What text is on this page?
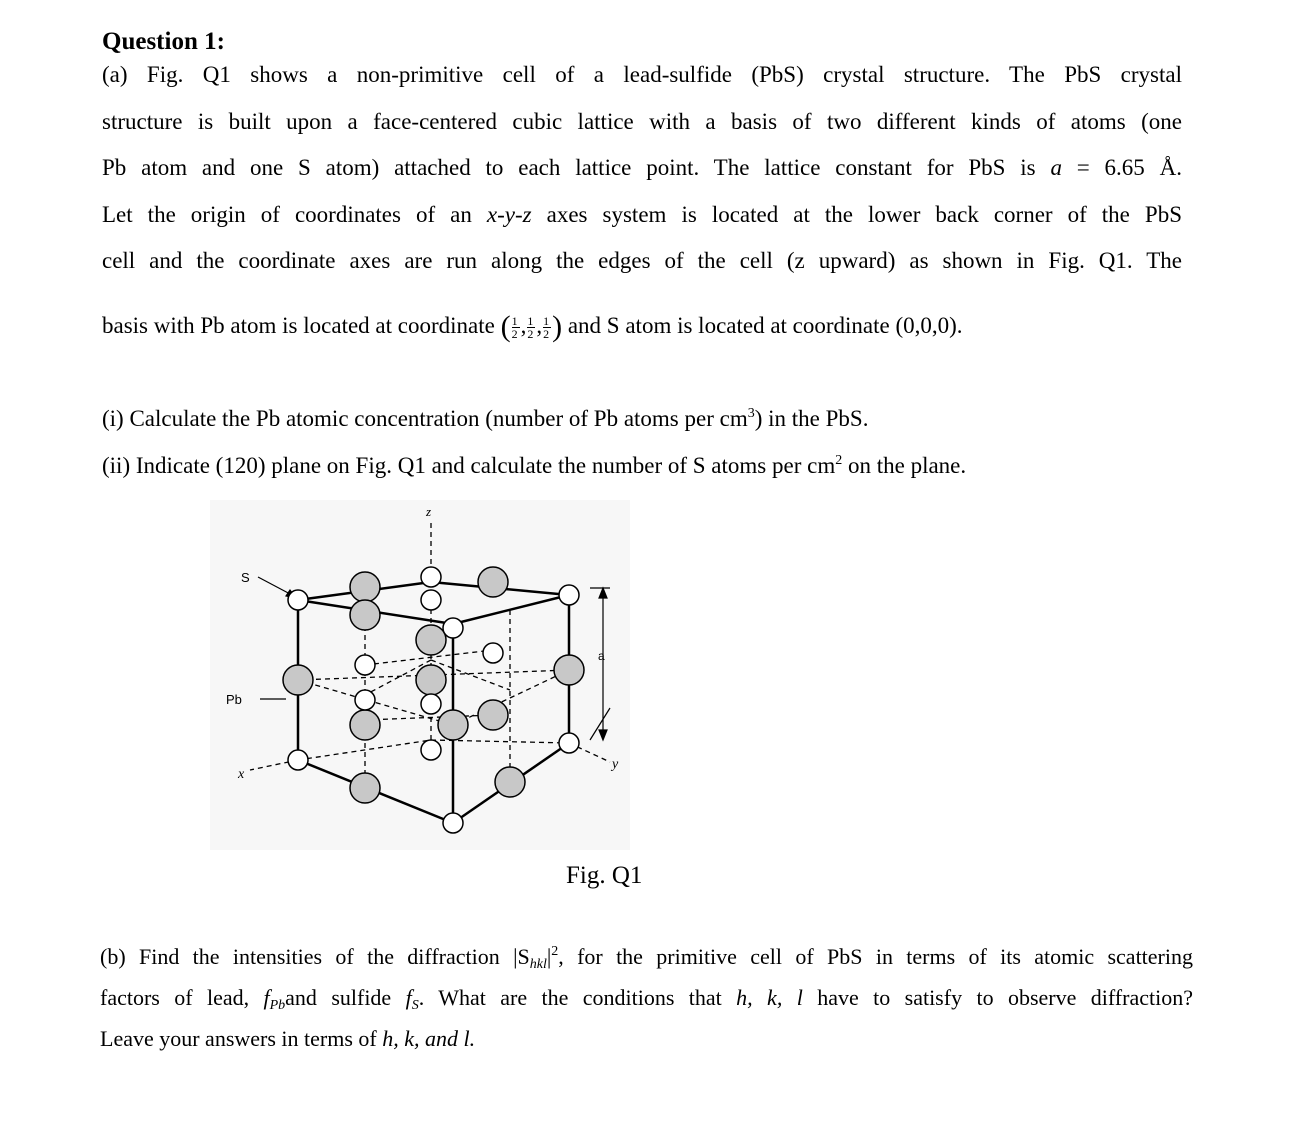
Question 1:
(a) Fig. Q1 shows a non-primitive cell of a lead-sulfide (PbS) crystal structure. The PbS crystal
structure is built upon a face-centered cubic lattice with a basis of two different kinds of atoms (one
Pb atom and one S atom) attached to each lattice point. The lattice constant for PbS is a = 6.65 Å.
Let the origin of coordinates of an x-y-z axes system is located at the lower back corner of the PbS
cell and the coordinate axes are run along the edges of the cell (z upward) as shown in Fig. Q1. The
basis with Pb atom is located at coordinate ( $\frac{1}{2}$ , $\frac{1}{2}$ , $\frac{1}{2}$ ) and S atom is located at coordinate (0,0,0).
(i) Calculate the Pb atomic concentration (number of Pb atoms per $cm^3$) in the PbS.
(ii) Indicate (120) plane on Fig. Q1 and calculate the number of S atoms per $cm^2$ on the plane.
S
Pb
x
y
z
a
Fig. Q1
(b) Find the intensities of the diffraction $|S_{hkl}|^2$, for the primitive cell of PbS in terms of its atomic scattering
factors of lead, $f_{Pb}and$ sulfide $f_S$. What are the conditions that h, k, l have to satisfy to observe diffraction?
Leave your answers in terms of h, k, and l.
